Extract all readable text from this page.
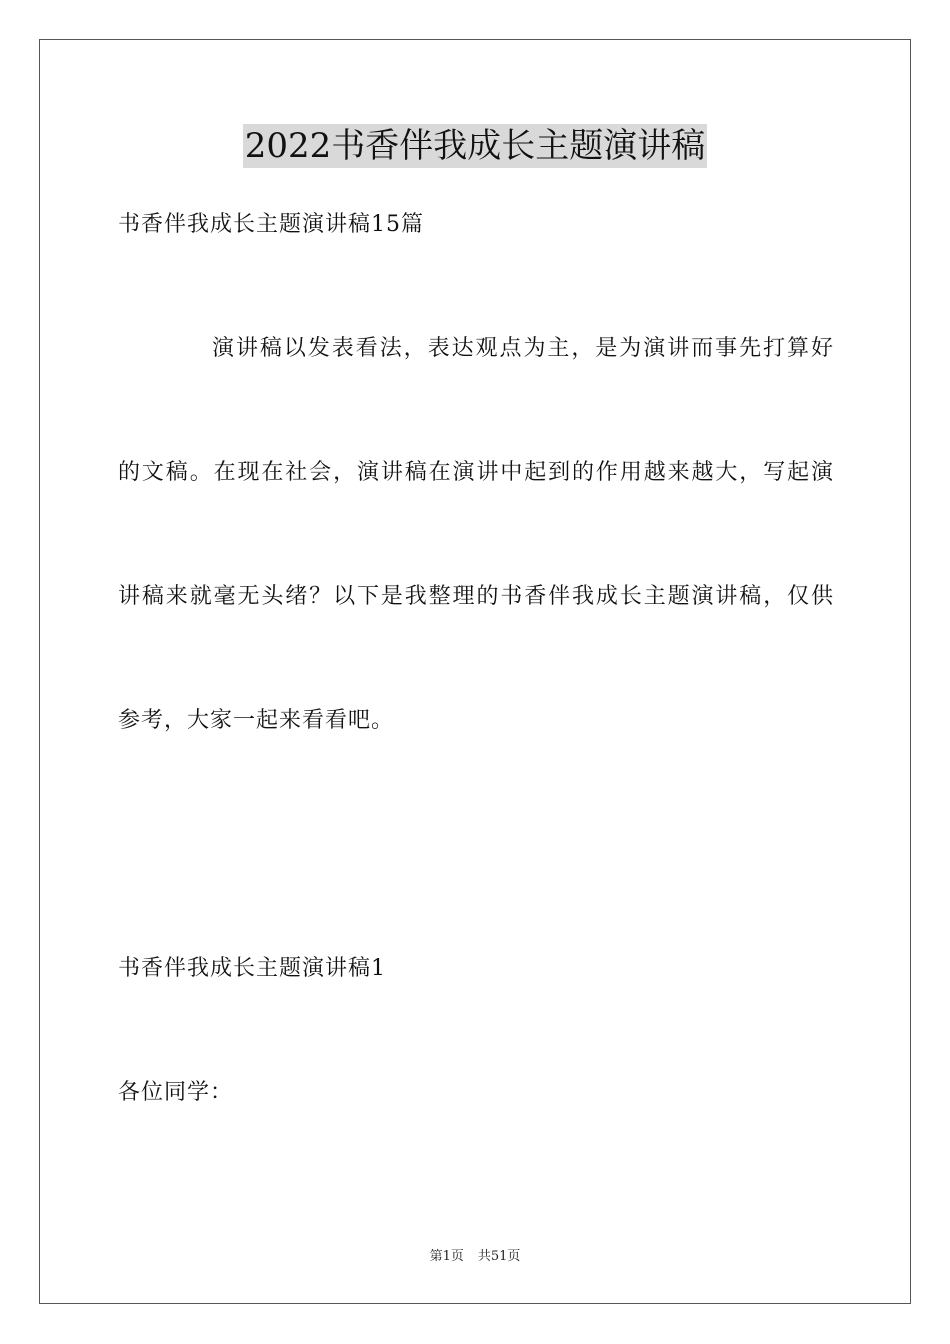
2022书香伴我成长主题演讲稿
书香伴我成长主题演讲稿15篇
演讲稿以发表看法，表达观点为主，是为演讲而事先打算好
的文稿。在现在社会，演讲稿在演讲中起到的作用越来越大，写起演
讲稿来就毫无头绪？以下是我整理的书香伴我成长主题演讲稿，仅供
参考，大家一起来看看吧。
书香伴我成长主题演讲稿1
各位同学：
第1页 共51页
